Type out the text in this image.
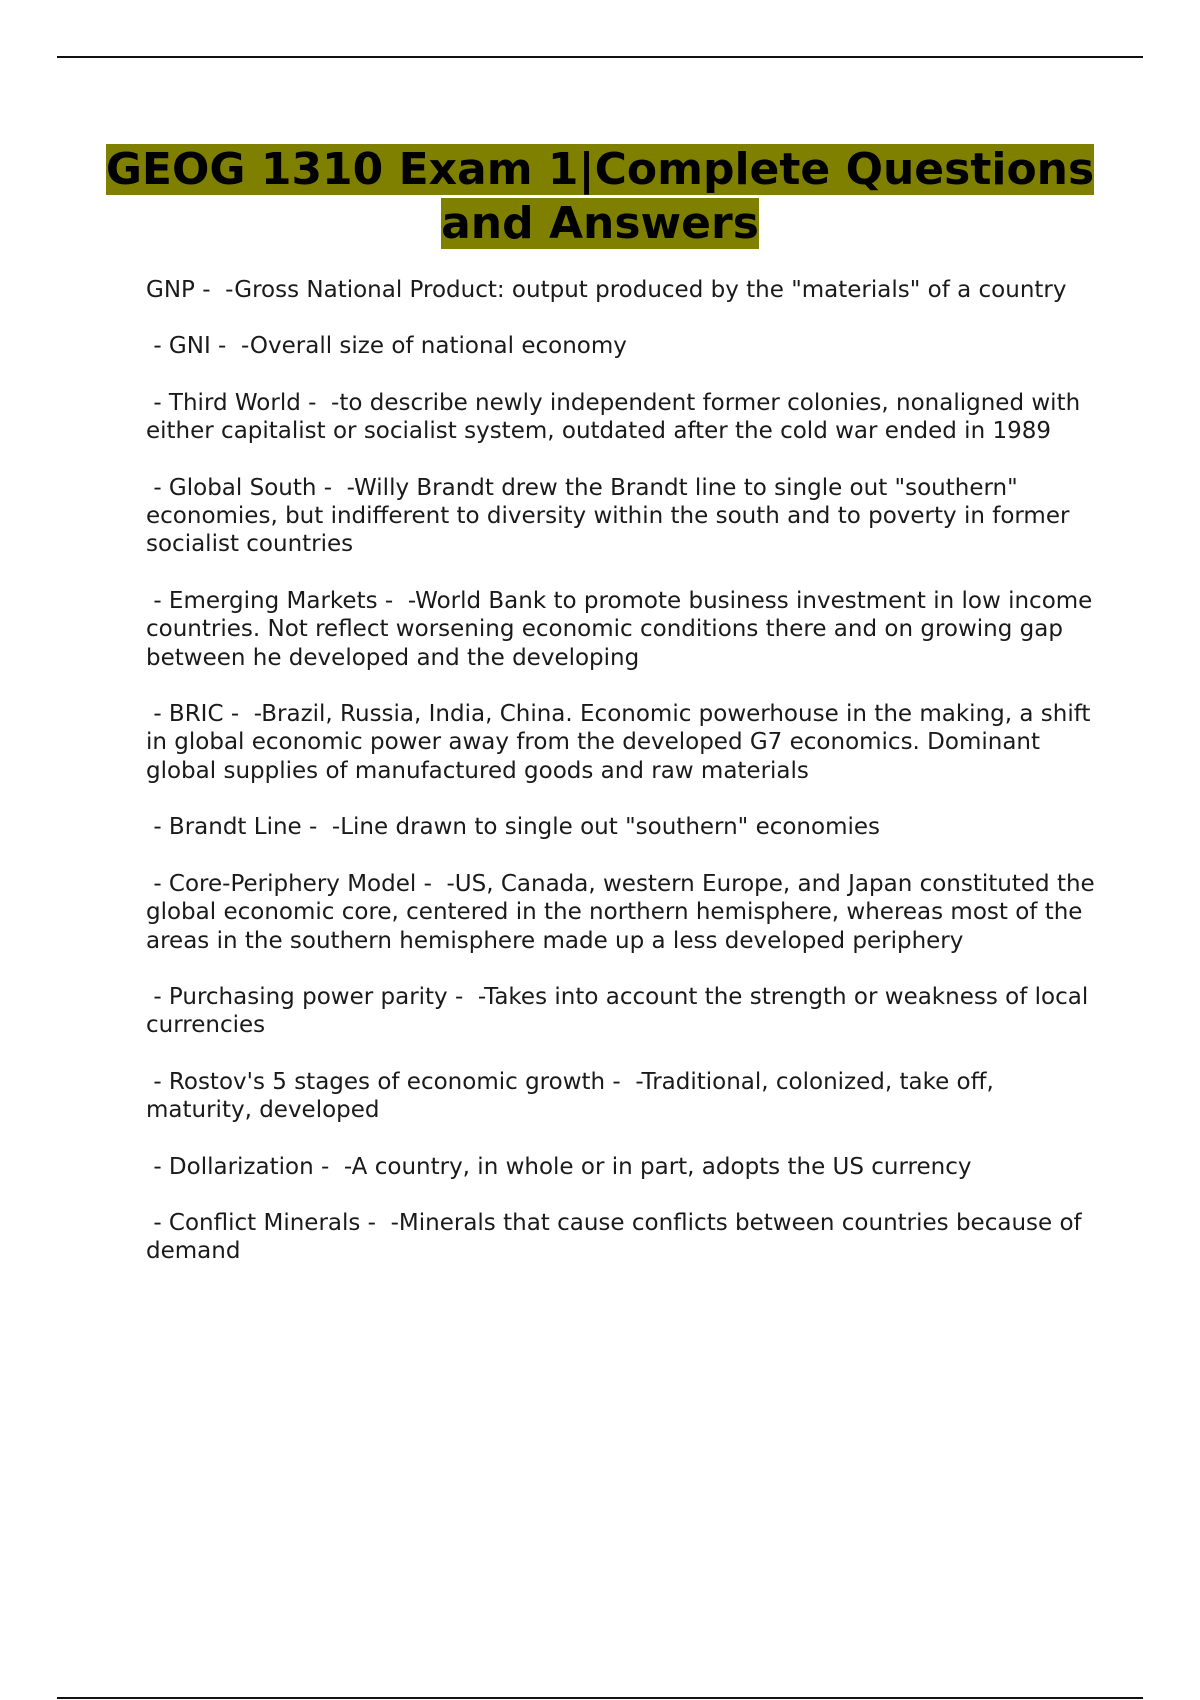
GEOG 1310 Exam 1|Complete Questions and Answers
GNP -  -Gross National Product: output produced by the "materials" of a country
- GNI -  -Overall size of national economy
- Third World -  -to describe newly independent former colonies, nonaligned with either capitalist or socialist system, outdated after the cold war ended in 1989
- Global South -  -Willy Brandt drew the Brandt line to single out "southern" economies, but indifferent to diversity within the south and to poverty in former socialist countries
- Emerging Markets -  -World Bank to promote business investment in low income countries. Not reflect worsening economic conditions there and on growing gap between he developed and the developing
- BRIC -  -Brazil, Russia, India, China. Economic powerhouse in the making, a shift in global economic power away from the developed G7 economics. Dominant global supplies of manufactured goods and raw materials
- Brandt Line -  -Line drawn to single out "southern" economies
- Core-Periphery Model -  -US, Canada, western Europe, and Japan constituted the global economic core, centered in the northern hemisphere, whereas most of the areas in the southern hemisphere made up a less developed periphery
- Purchasing power parity -  -Takes into account the strength or weakness of local currencies
- Rostov's 5 stages of economic growth -  -Traditional, colonized, take off, maturity, developed
- Dollarization -  -A country, in whole or in part, adopts the US currency
- Conflict Minerals -  -Minerals that cause conflicts between countries because of demand
